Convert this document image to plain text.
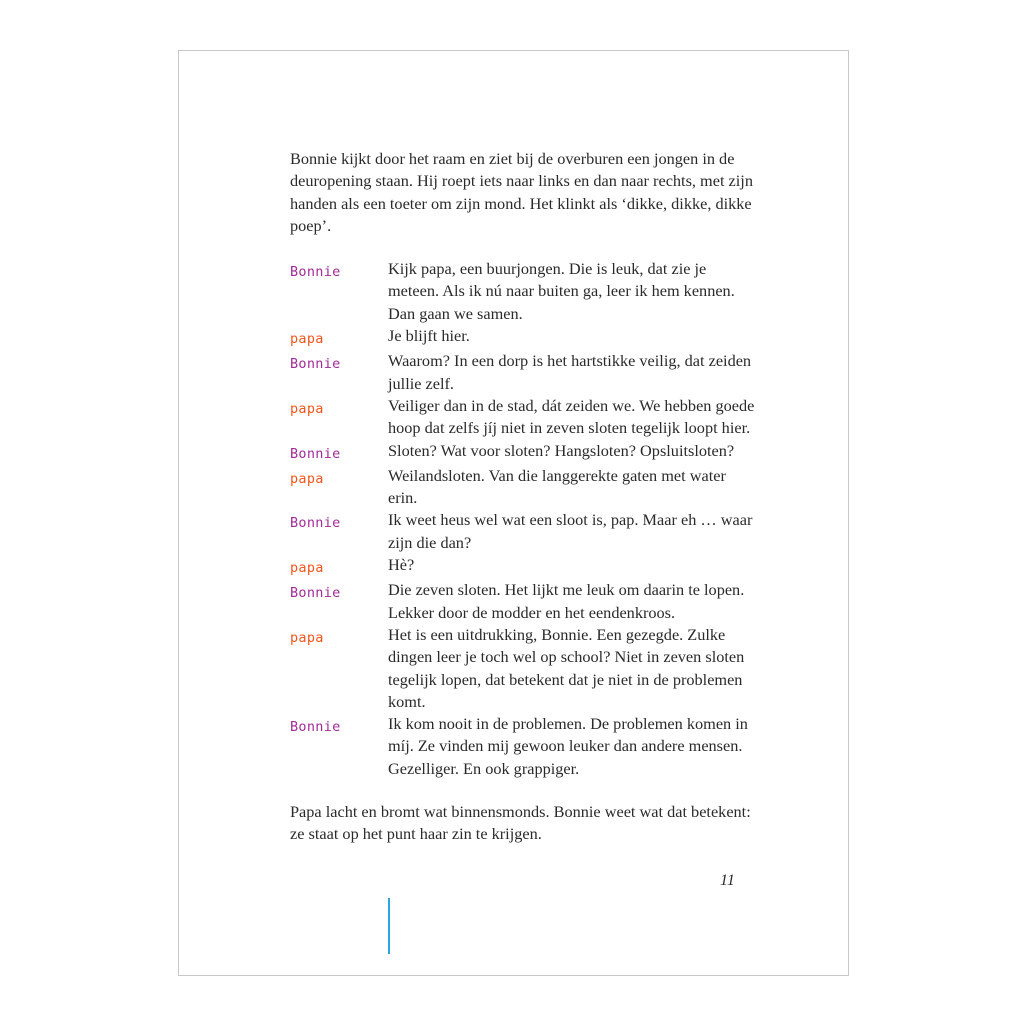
Bonnie kijkt door het raam en ziet bij de overburen een jongen in de deuropening staan. Hij roept iets naar links en dan naar rechts, met zijn handen als een toeter om zijn mond. Het klinkt als ‘dikke, dikke, dikke poep’.

Bonnie	Kijk papa, een buurjongen. Die is leuk, dat zie je meteen. Als ik nú naar buiten ga, leer ik hem kennen. Dan gaan we samen.
papa	Je blijft hier.
Bonnie	Waarom? In een dorp is het hartstikke veilig, dat zeiden jullie zelf.
papa	Veiliger dan in de stad, dát zeiden we. We hebben goede hoop dat zelfs jíj niet in zeven sloten tegelijk loopt hier.
Bonnie	Sloten? Wat voor sloten? Hangsloten? Opsluitsloten?
papa	Weilandsloten. Van die langgerekte gaten met water erin.
Bonnie	Ik weet heus wel wat een sloot is, pap. Maar eh … waar zijn die dan?
papa	Hè?
Bonnie	Die zeven sloten. Het lijkt me leuk om daarin te lopen. Lekker door de modder en het eendenkroos.
papa	Het is een uitdrukking, Bonnie. Een gezegde. Zulke dingen leer je toch wel op school? Niet in zeven sloten tegelijk lopen, dat betekent dat je niet in de problemen komt.
Bonnie	Ik kom nooit in de problemen. De problemen komen in míj. Ze vinden mij gewoon leuker dan andere mensen. Gezelliger. En ook grappiger.

Papa lacht en bromt wat binnensmonds. Bonnie weet wat dat betekent: ze staat op het punt haar zin te krijgen.

11
